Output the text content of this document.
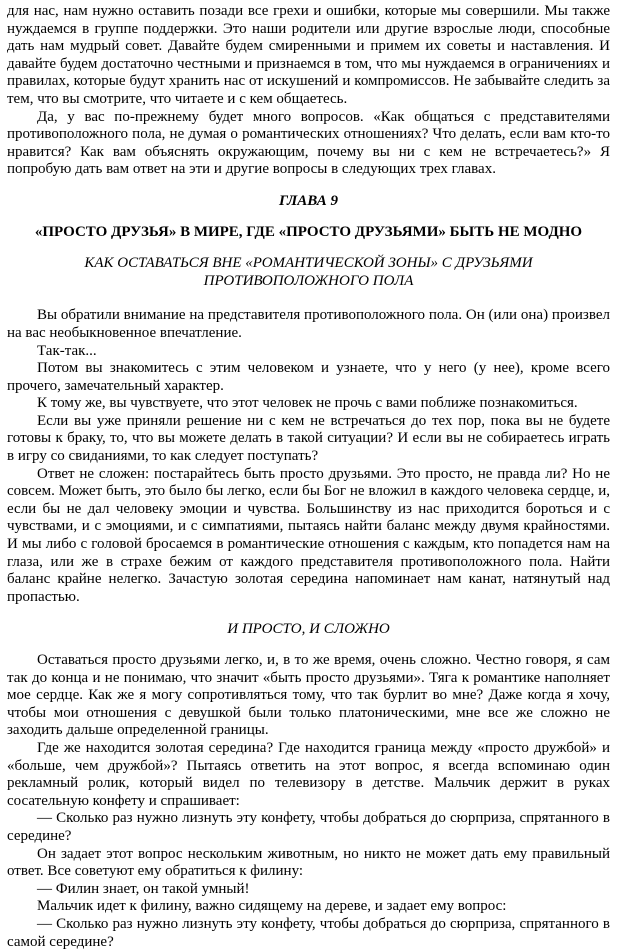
для нас, нам нужно оставить позади все грехи и ошибки, которые мы совершили. Мы также нуждаемся в группе поддержки. Это наши родители или другие взрослые люди, способные дать нам мудрый совет. Давайте будем смиренными и примем их советы и наставления. И давайте будем достаточно честными и признаемся в том, что мы нуждаемся в ограничениях и правилах, которые будут хранить нас от искушений и компромиссов. Не забывайте следить за тем, что вы смотрите, что читаете и с кем общаетесь.

Да, у вас по-прежнему будет много вопросов. «Как общаться с представителями противоположного пола, не думая о романтических отношениях? Что делать, если вам кто-то нравится? Как вам объяснять окружающим, почему вы ни с кем не встречаетесь?» Я попробую дать вам ответ на эти и другие вопросы в следующих трех главах.

ГЛАВА 9

«ПРОСТО ДРУЗЬЯ» В МИРЕ, ГДЕ «ПРОСТО ДРУЗЬЯМИ» БЫТЬ НЕ МОДНО

КАК ОСТАВАТЬСЯ ВНЕ «РОМАНТИЧЕСКОЙ ЗОНЫ» С ДРУЗЬЯМИ ПРОТИВОПОЛОЖНОГО ПОЛА

Вы обратили внимание на представителя противоположного пола. Он (или она) произвел на вас необыкновенное впечатление.

Так-так...

Потом вы знакомитесь с этим человеком и узнаете, что у него (у нее), кроме всего прочего, замечательный характер.

К тому же, вы чувствуете, что этот человек не прочь с вами поближе познакомиться.

Если вы уже приняли решение ни с кем не встречаться до тех пор, пока вы не будете готовы к браку, то, что вы можете делать в такой ситуации? И если вы не собираетесь играть в игру со свиданиями, то как следует поступать?

Ответ не сложен: постарайтесь быть просто друзьями. Это просто, не правда ли? Но не совсем. Может быть, это было бы легко, если бы Бог не вложил в каждого человека сердце, и, если бы не дал человеку эмоции и чувства. Большинству из нас приходится бороться и с чувствами, и с эмоциями, и с симпатиями, пытаясь найти баланс между двумя крайностями. И мы либо с головой бросаемся в романтические отношения с каждым, кто попадется нам на глаза, или же в страхе бежим от каждого представителя противоположного пола. Найти баланс крайне нелегко. Зачастую золотая середина напоминает нам канат, натянутый над пропастью.

И ПРОСТО, И СЛОЖНО

Оставаться просто друзьями легко, и, в то же время, очень сложно. Честно говоря, я сам так до конца и не понимаю, что значит «быть просто друзьями». Тяга к романтике наполняет мое сердце. Как же я могу сопротивляться тому, что так бурлит во мне? Даже когда я хочу, чтобы мои отношения с девушкой были только платоническими, мне все же сложно не заходить дальше определенной границы.

Где же находится золотая середина? Где находится граница между «просто дружбой» и «больше, чем дружбой»? Пытаясь ответить на этот вопрос, я всегда вспоминаю один рекламный ролик, который видел по телевизору в детстве. Мальчик держит в руках сосательную конфету и спрашивает:

— Сколько раз нужно лизнуть эту конфету, чтобы добраться до сюрприза, спрятанного в середине?

Он задает этот вопрос нескольким животным, но никто не может дать ему правильный ответ. Все советуют ему обратиться к филину:

— Филин знает, он такой умный!

Мальчик идет к филину, важно сидящему на дереве, и задает ему вопрос:

— Сколько раз нужно лизнуть эту конфету, чтобы добраться до сюрприза, спрятанного в самой середине?
